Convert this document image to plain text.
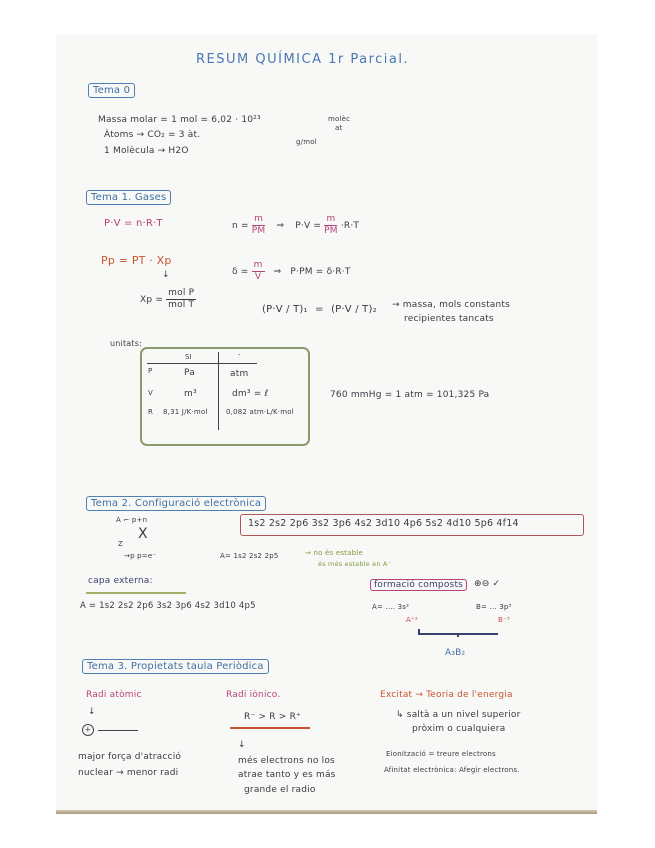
RESUM QUÍMICA 1r Parcial.
Tema 0
Massa molar = 1 mol = 6,02 · 10²³	molèc
at
Àtoms → CO₂ = 3 àt.
g/mol
1 Molècula → H2O
Tema 1. Gases
P·V = n·R·T	$n = \frac{m}{PM}$ ⇒ $P\cdot V = \frac{m}{PM} \cdot R\cdot T$
Pp = PT · Xp
↓	$\delta = \frac{m}{V}$ ⇒ P·PM = δ·R·T
$Xp = \frac{\text{mol P}}{\text{mol T}}$	(P·V / T)₁ = (P·V / T)₂ → massa, mols constants
recipientes tancats
unitats:
SI	-
P	Pa	atm
V	m³	dm³ = ℓ
R 8,31 J/K·mol	0,082 atm·L/K·mol
760 mmHg = 1 atm = 101,325 Pa
Tema 2. Configuració electrònica
A ⌐ p+n
X
Z
→p p=e⁻
1s2 2s2 2p6 3s2 3p6 4s2 3d10 4p6 5s2 4d10 5p6 4f14
A= 1s2 2s2 2p5	→ no és estable
és més estable en A⁻
capa externa:
A = 1s2 2s2 2p6 3s2 3p6 4s2 3d10 4p5
formació composts	⊕⊖ ✓
A= .... 3s²	B= ... 3p³
A⁺²	B⁻³
A₃B₂
Tema 3. Propietats taula Periòdica
Radi atòmic
↓
+
major força d'atracció
nuclear → menor radi
Radi iònico.
R⁻ > R > R⁺
↓
més electrons no los
atrae tanto y es más
grande el radio
Excitat → Teoria de l'energia
↳ saltà a un nivel superior
pròxim o cualquiera
Eionització = treure electrons
Afinitat electrònica: Afegir electrons.
